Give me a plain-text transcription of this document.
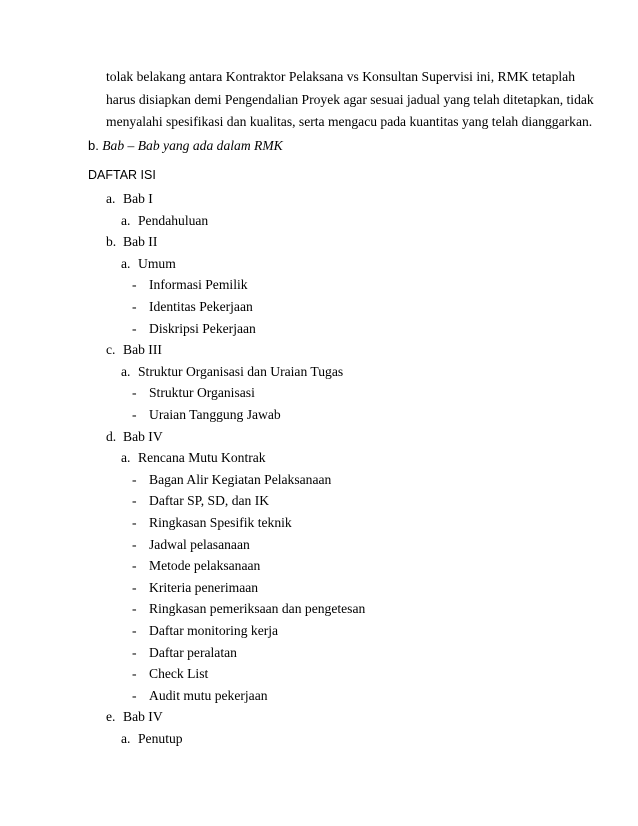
tolak belakang antara Kontraktor Pelaksana vs Konsultan Supervisi ini, RMK tetaplah
harus disiapkan demi Pengendalian Proyek agar sesuai jadual yang telah ditetapkan, tidak
menyalahi spesifikasi dan kualitas, serta mengacu pada kuantitas yang telah dianggarkan.
b. Bab – Bab yang ada dalam RMK
DAFTAR ISI
a. Bab I
a. Pendahuluan
b. Bab II
a. Umum
- Informasi Pemilik
- Identitas Pekerjaan
- Diskripsi Pekerjaan
c. Bab III
a. Struktur Organisasi dan Uraian Tugas
- Struktur Organisasi
- Uraian Tanggung Jawab
d. Bab IV
a. Rencana Mutu Kontrak
- Bagan Alir Kegiatan Pelaksanaan
- Daftar SP, SD, dan IK
- Ringkasan Spesifik teknik
- Jadwal pelasanaan
- Metode pelaksanaan
- Kriteria penerimaan
- Ringkasan pemeriksaan dan pengetesan
- Daftar monitoring kerja
- Daftar peralatan
- Check List
- Audit mutu pekerjaan
e. Bab IV
a. Penutup
